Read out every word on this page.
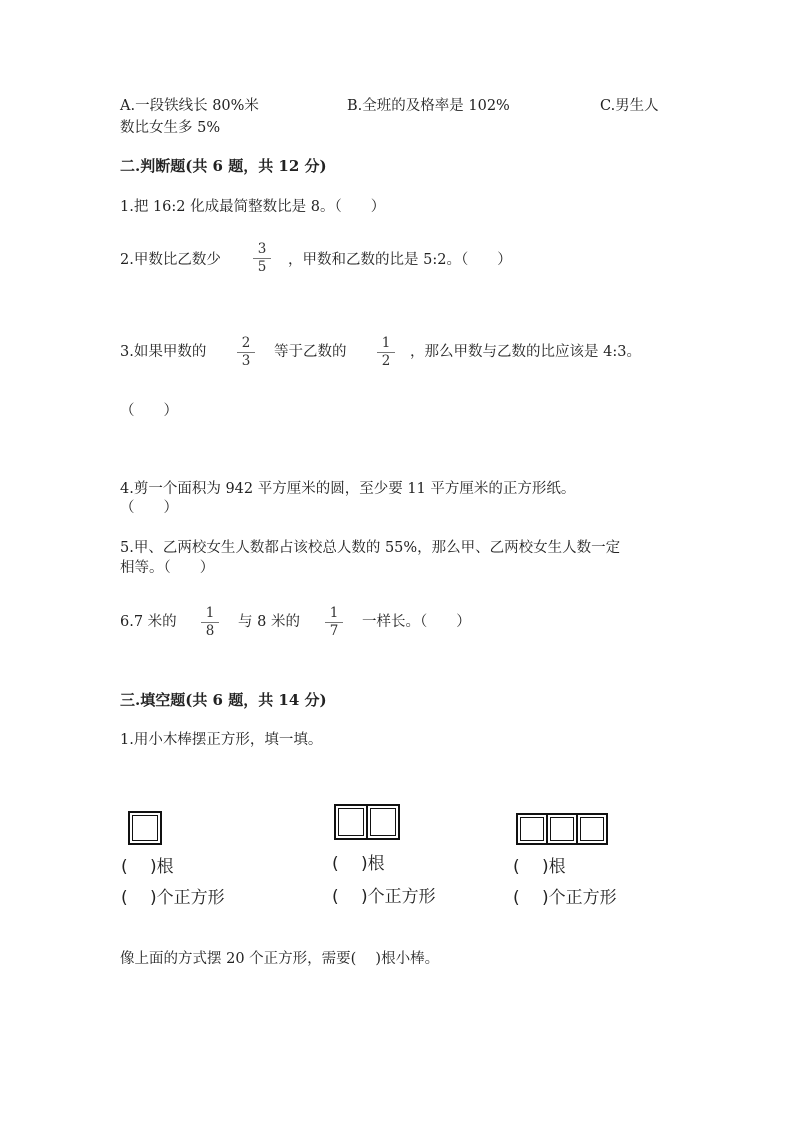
A.一段铁线长 80%米	B.全班的及格率是 102%	C.男生人
数比女生多 5%
二.判断题(共 6 题，共 12 分)
1.把 16:2 化成最简整数比是 8。（　　）
2.甲数比乙数少
3
5	，甲数和乙数的比是 5:2。（　　）
3.如果甲数的
2
3
等于乙数的
1
2
，那么甲数与乙数的比应该是 4:3。
（　　）
4.剪一个面积为 942 平方厘米的圆，至少要 11 平方厘米的正方形纸。
（　　）
5.甲、乙两校女生人数都占该校总人数的 55%，那么甲、乙两校女生人数一定
相等。（　　）
6.7 米的
1
8
与 8 米的
1
7
一样长。（　　）
三.填空题(共 6 题，共 14 分)
1.用小木棒摆正方形，填一填。
(　 )根
(　 )个正方形
(　 )根
(　 )个正方形
(　 )根
(　 )个正方形
像上面的方式摆 20 个正方形，需要(　 )根小棒。
